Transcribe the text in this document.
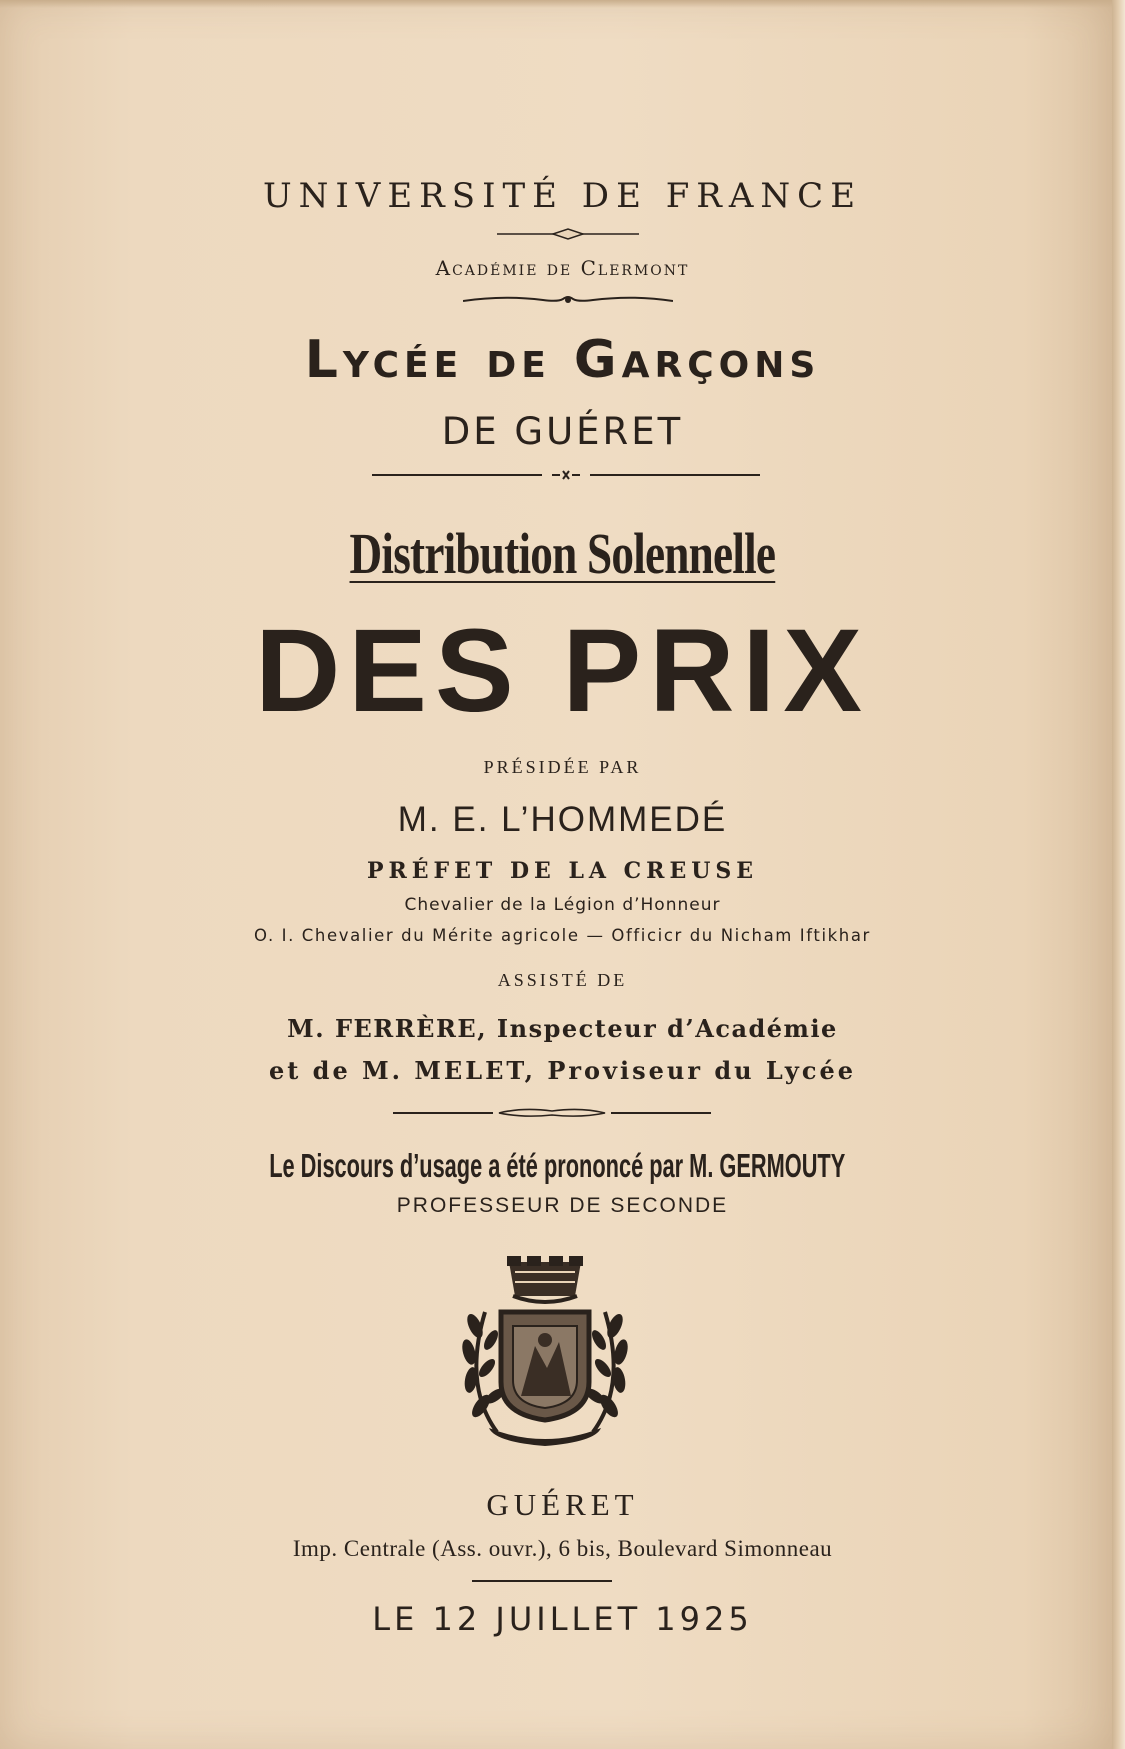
UNIVERSITÉ DE FRANCE
Académie de Clermont
Lycée de Garçons
DE GUÉRET
Distribution Solennelle
DES PRIX
PRÉSIDÉE PAR
M. E. L’HOMMEDÉ
PRÉFET DE LA CREUSE
Chevalier de la Légion d’Honneur
O. I. Chevalier du Mérite agricole — Officicr du Nicham Iftikhar
ASSISTÉ DE
M. FERRÈRE, Inspecteur d’Académie
et de M. MELET, Proviseur du Lycée
Le Discours d’usage a été prononcé par M. GERMOUTY
PROFESSEUR DE SECONDE
GUÉRET
Imp. Centrale (Ass. ouvr.), 6 bis, Boulevard Simonneau
LE 12 JUILLET 1925
